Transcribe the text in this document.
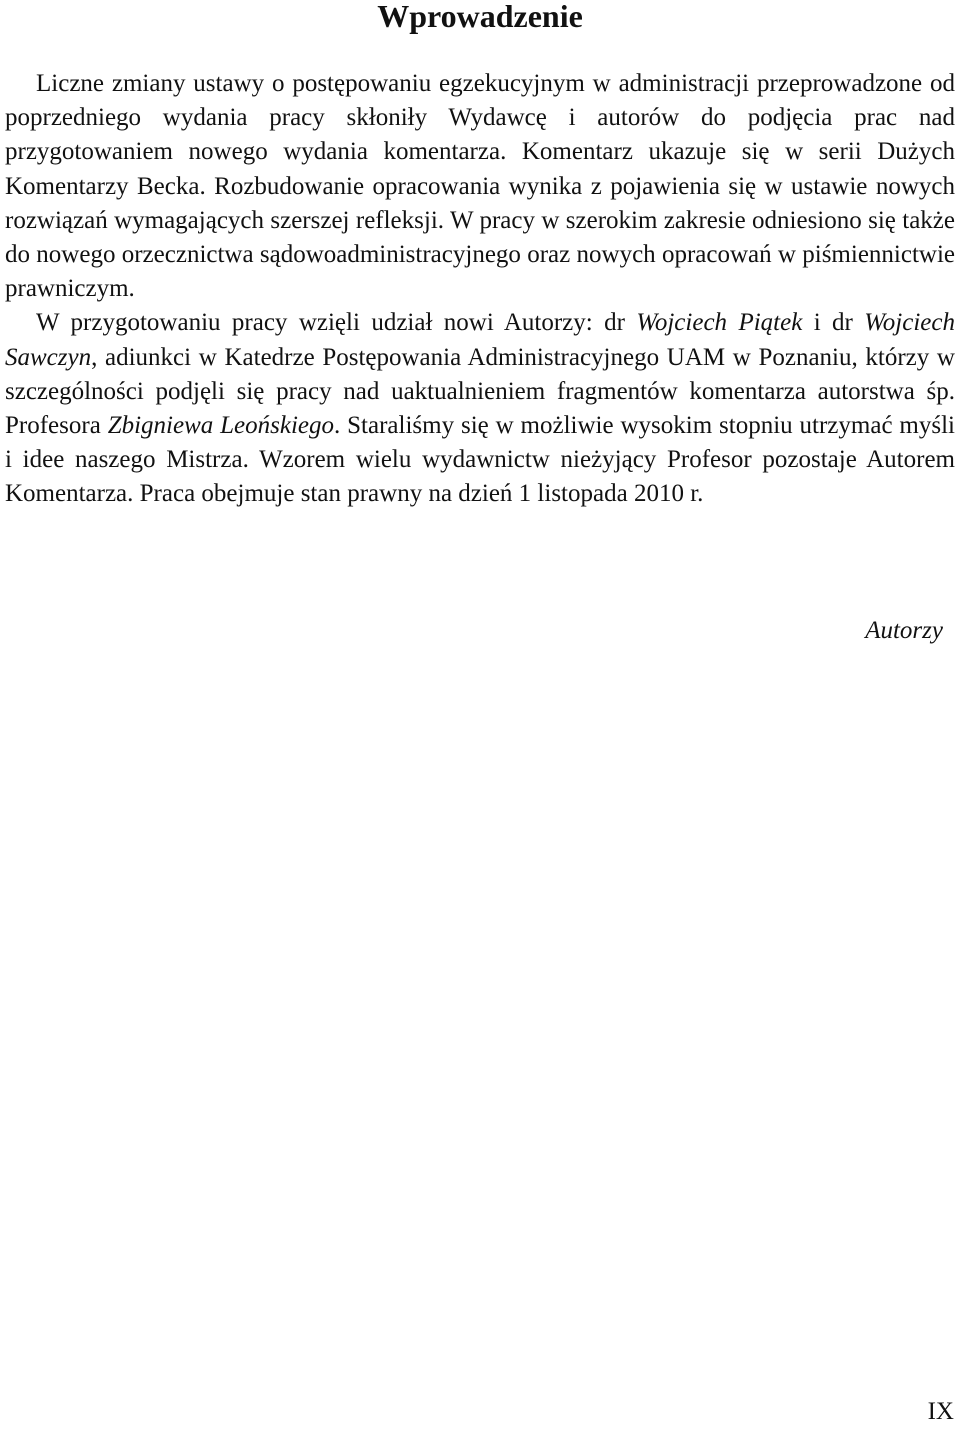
Wprowadzenie

Liczne zmiany ustawy o postępowaniu egzekucyjnym w administracji przeprowadzone od poprzedniego wydania pracy skłoniły Wydawcę i autorów do podjęcia prac nad przygotowaniem nowego wydania komentarza. Komentarz ukazuje się w serii Dużych Komentarzy Becka. Rozbudowanie opracowania wynika z pojawienia się w ustawie nowych rozwiązań wymagających szerszej refleksji. W pracy w szerokim zakresie odniesiono się także do nowego orzecznictwa sądowoadministracyjnego oraz nowych opracowań w piśmiennictwie prawniczym.

W przygotowaniu pracy wzięli udział nowi Autorzy: dr Wojciech Piątek i dr Wojciech Sawczyn, adiunkci w Katedrze Postępowania Administracyjnego UAM w Poznaniu, którzy w szczególności podjęli się pracy nad uaktualnieniem fragmentów komentarza autorstwa śp. Profesora Zbigniewa Leońskiego. Staraliśmy się w możliwie wysokim stopniu utrzymać myśli i idee naszego Mistrza. Wzorem wielu wydawnictw nieżyjący Profesor pozostaje Autorem Komentarza. Praca obejmuje stan prawny na dzień 1 listopada 2010 r.

Autorzy
IX
